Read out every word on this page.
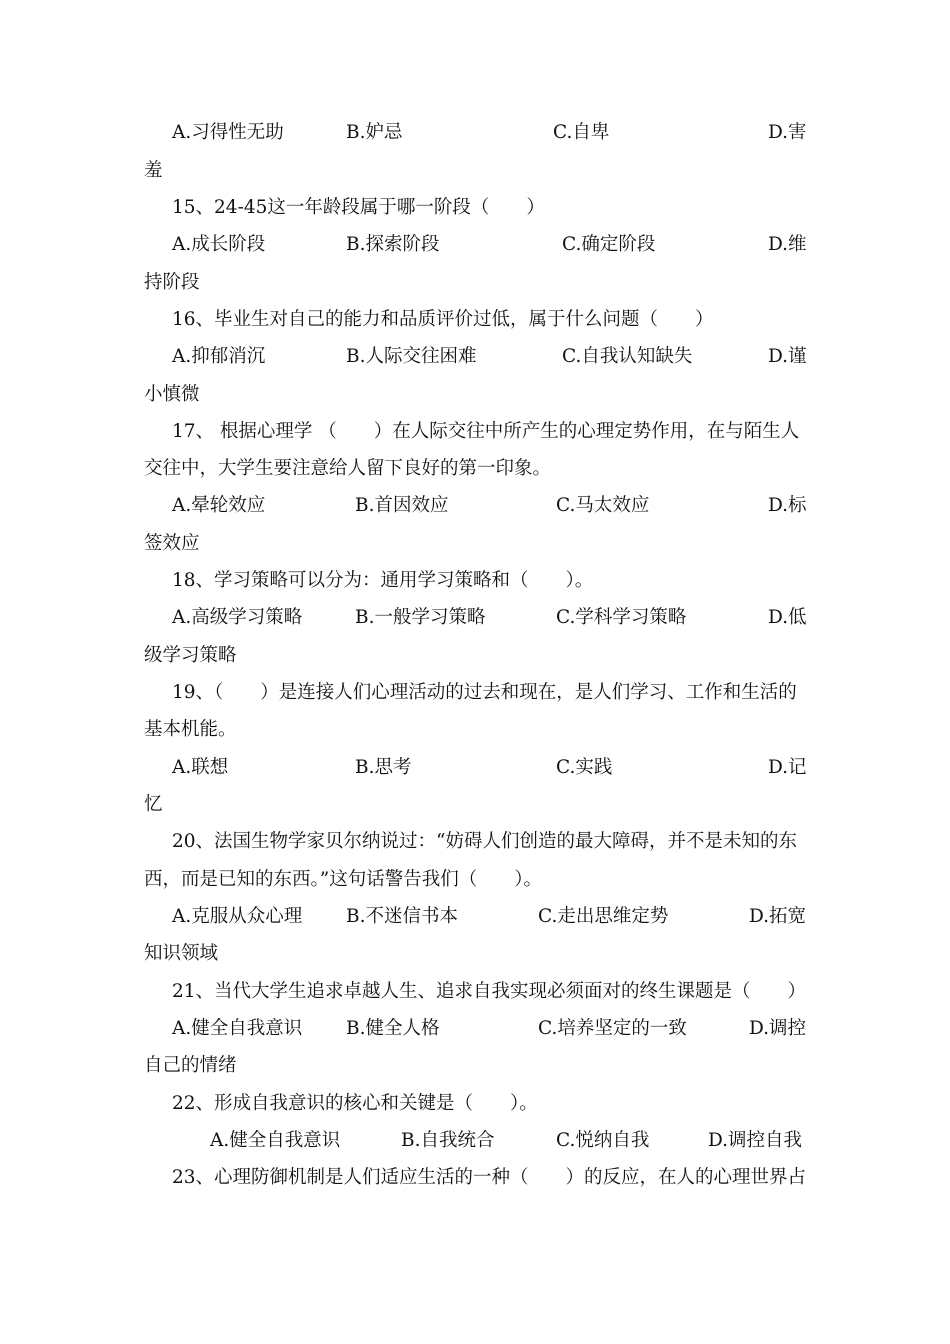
A.习得性无助	B.妒忌	C.自卑	D.害
羞
15、24-45这一年龄段属于哪一阶段（　　）
A.成长阶段	B.探索阶段	C.确定阶段	D.维
持阶段
16、毕业生对自己的能力和品质评价过低，属于什么问题（　　）
A.抑郁消沉	B.人际交往困难	C.自我认知缺失	D.谨
小慎微
17、 根据心理学 （　　）在人际交往中所产生的心理定势作用，在与陌生人
交往中，大学生要注意给人留下良好的第一印象。
A.晕轮效应	B.首因效应	C.马太效应	D.标
签效应
18、学习策略可以分为：通用学习策略和（　　）。
A.高级学习策略	B.一般学习策略	C.学科学习策略	D.低
级学习策略
19、（　　）是连接人们心理活动的过去和现在，是人们学习、工作和生活的
基本机能。
A.联想	B.思考	C.实践	D.记
忆
20、法国生物学家贝尔纳说过：“妨碍人们创造的最大障碍，并不是未知的东
西，而是已知的东西。”这句话警告我们（　　）。
A.克服从众心理 B.不迷信书本	C.走出思维定势	D.拓宽
知识领域
21、当代大学生追求卓越人生、追求自我实现必须面对的终生课题是（　　）
A.健全自我意识 B.健全人格	C.培养坚定的一致	D.调控
自己的情绪
22、形成自我意识的核心和关键是（　　）。
A.健全自我意识	B.自我统合	C.悦纳自我	D.调控自我
23、心理防御机制是人们适应生活的一种（　　）的反应，在人的心理世界占
